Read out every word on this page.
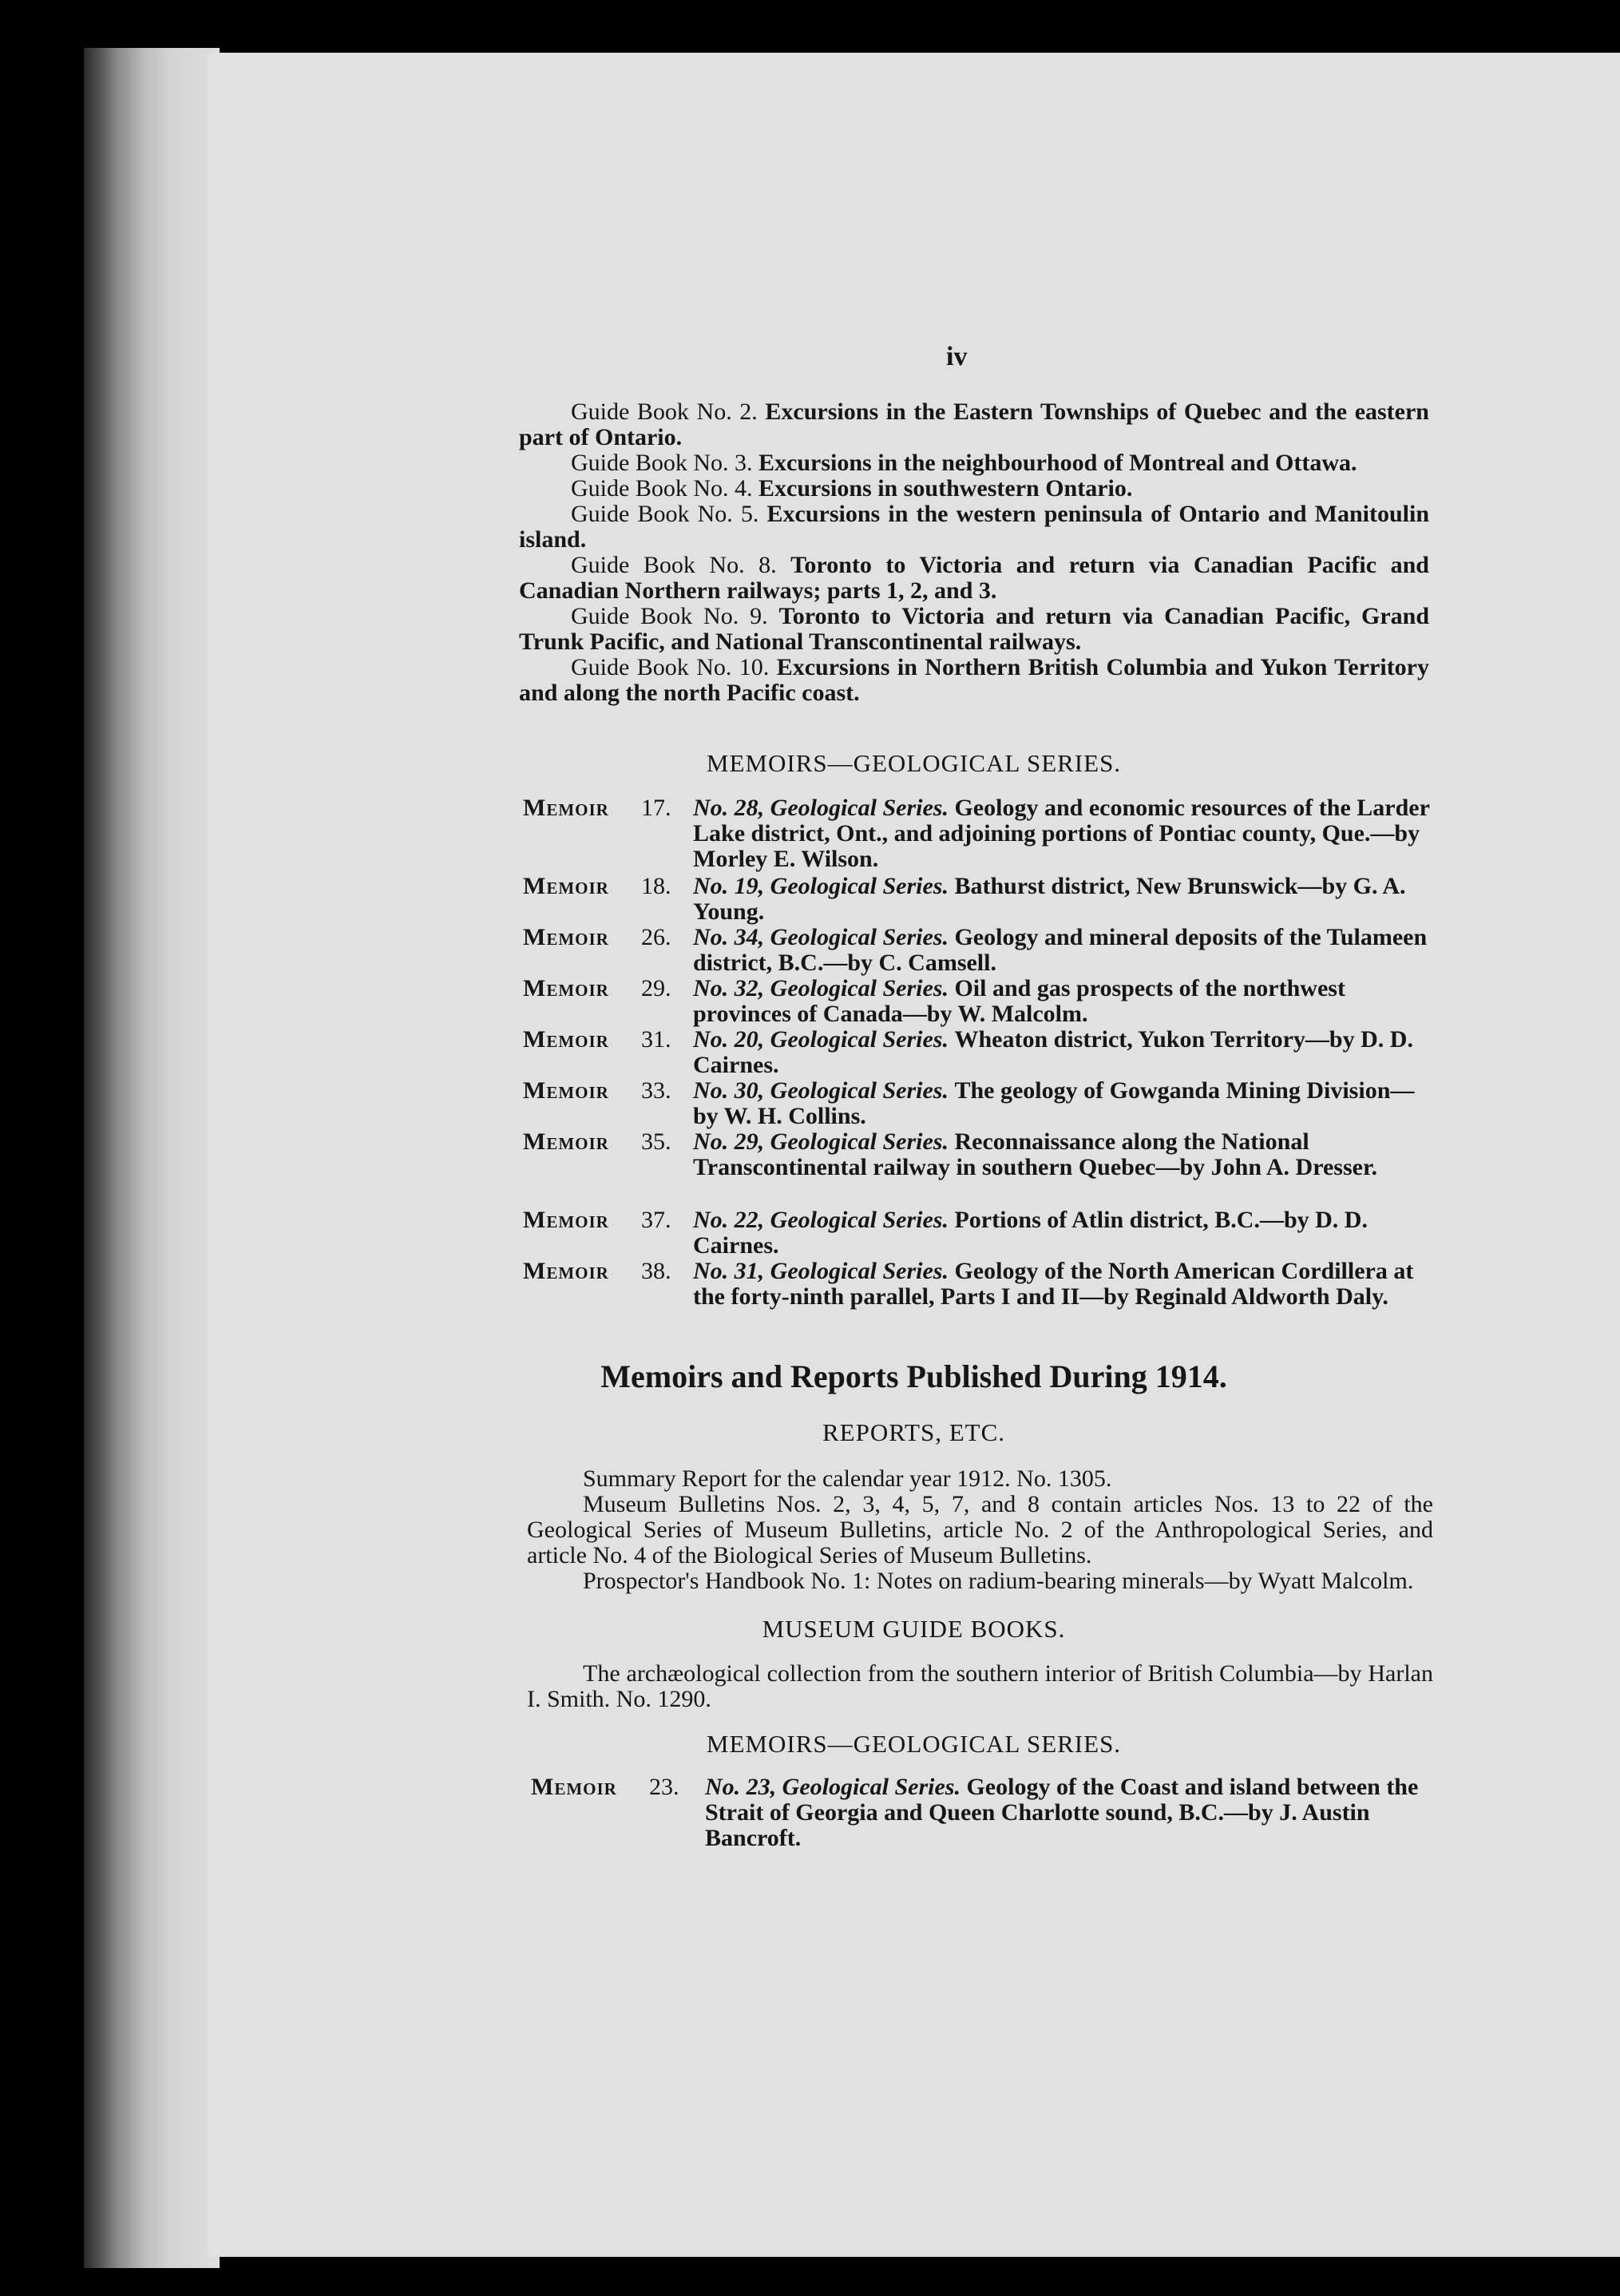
iv

Guide Book No. 2. Excursions in the Eastern Townships of Quebec and the eastern part of Ontario.

Guide Book No. 3. Excursions in the neighbourhood of Montreal and Ottawa.

Guide Book No. 4. Excursions in southwestern Ontario.

Guide Book No. 5. Excursions in the western peninsula of Ontario and Manitoulin island.

Guide Book No. 8. Toronto to Victoria and return via Canadian Pacific and Canadian Northern railways; parts 1, 2, and 3.

Guide Book No. 9. Toronto to Victoria and return via Canadian Pacific, Grand Trunk Pacific, and National Transcontinental railways.

Guide Book No. 10. Excursions in Northern British Columbia and Yukon Territory and along the north Pacific coast.

MEMOIRS—GEOLOGICAL SERIES.
Memoir 17. No. 28, Geological Series. Geology and economic resources of the Larder Lake district, Ont., and adjoining portions of Pontiac county, Que.—by Morley E. Wilson.
Memoir 18. No. 19, Geological Series. Bathurst district, New Brunswick—by G. A. Young.
Memoir 26. No. 34, Geological Series. Geology and mineral deposits of the Tulameen district, B.C.—by C. Camsell.
Memoir 29. No. 32, Geological Series. Oil and gas prospects of the northwest provinces of Canada—by W. Malcolm.
Memoir 31. No. 20, Geological Series. Wheaton district, Yukon Territory—by D. D. Cairnes.
Memoir 33. No. 30, Geological Series. The geology of Gowganda Mining Division—by W. H. Collins.
Memoir 35. No. 29, Geological Series. Reconnaissance along the National Transcontinental railway in southern Quebec—by John A. Dresser.
Memoir 37. No. 22, Geological Series. Portions of Atlin district, B.C.—by D. D. Cairnes.
Memoir 38. No. 31, Geological Series. Geology of the North American Cordillera at the forty-ninth parallel, Parts I and II—by Reginald Aldworth Daly.
Memoirs and Reports Published During 1914.
REPORTS, ETC.

Summary Report for the calendar year 1912. No. 1305.

Museum Bulletins Nos. 2, 3, 4, 5, 7, and 8 contain articles Nos. 13 to 22 of the Geological Series of Museum Bulletins, article No. 2 of the Anthropological Series, and article No. 4 of the Biological Series of Museum Bulletins.

Prospector's Handbook No. 1: Notes on radium-bearing minerals—by Wyatt Malcolm.

MUSEUM GUIDE BOOKS.

The archæological collection from the southern interior of British Columbia—by Harlan I. Smith. No. 1290.

MEMOIRS—GEOLOGICAL SERIES.
Memoir 23. No. 23, Geological Series. Geology of the Coast and island between the Strait of Georgia and Queen Charlotte sound, B.C.—by J. Austin Bancroft.
